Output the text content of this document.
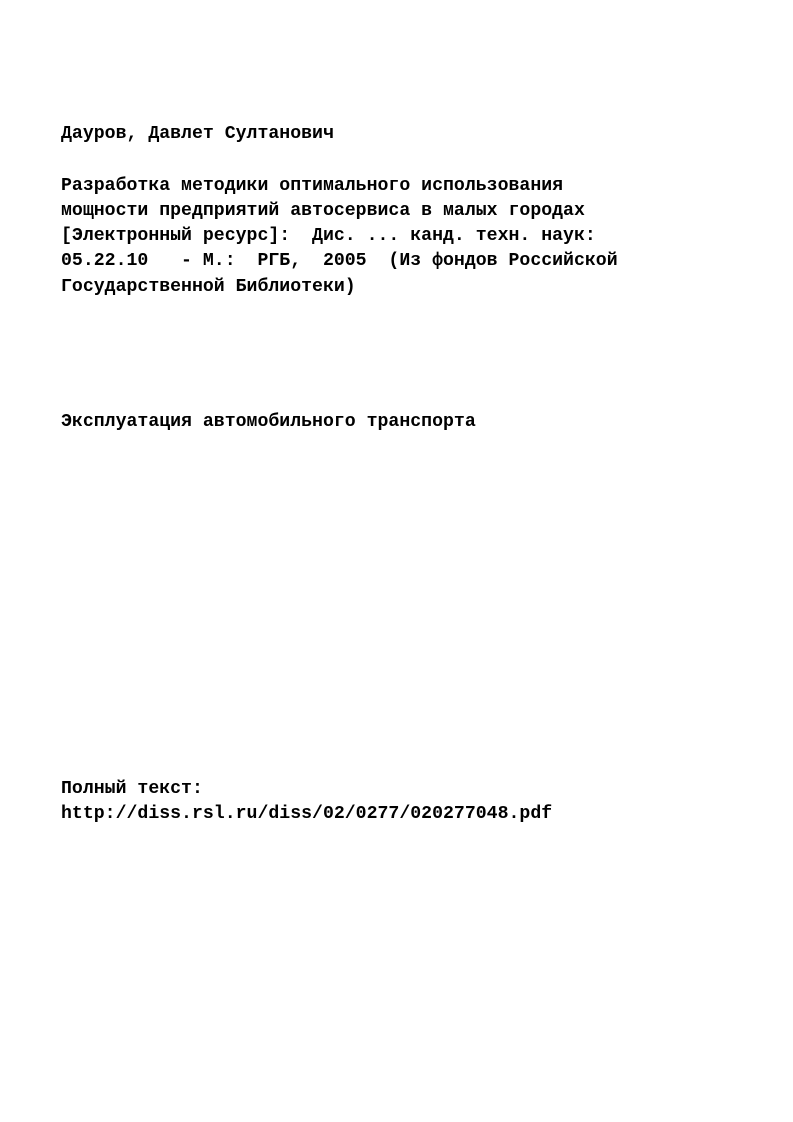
Дауров, Давлет Султанович

Разработка методики оптимального использования

мощности предприятий автосервиса в малых городах

[Электронный ресурс]:  Дис. ... канд. техн. наук:

05.22.10   - М.:  РГБ,  2005  (Из фондов Российской

Государственной Библиотеки)

Эксплуатация автомобильного транспорта

Полный текст:

http://diss.rsl.ru/diss/02/0277/020277048.pdf
